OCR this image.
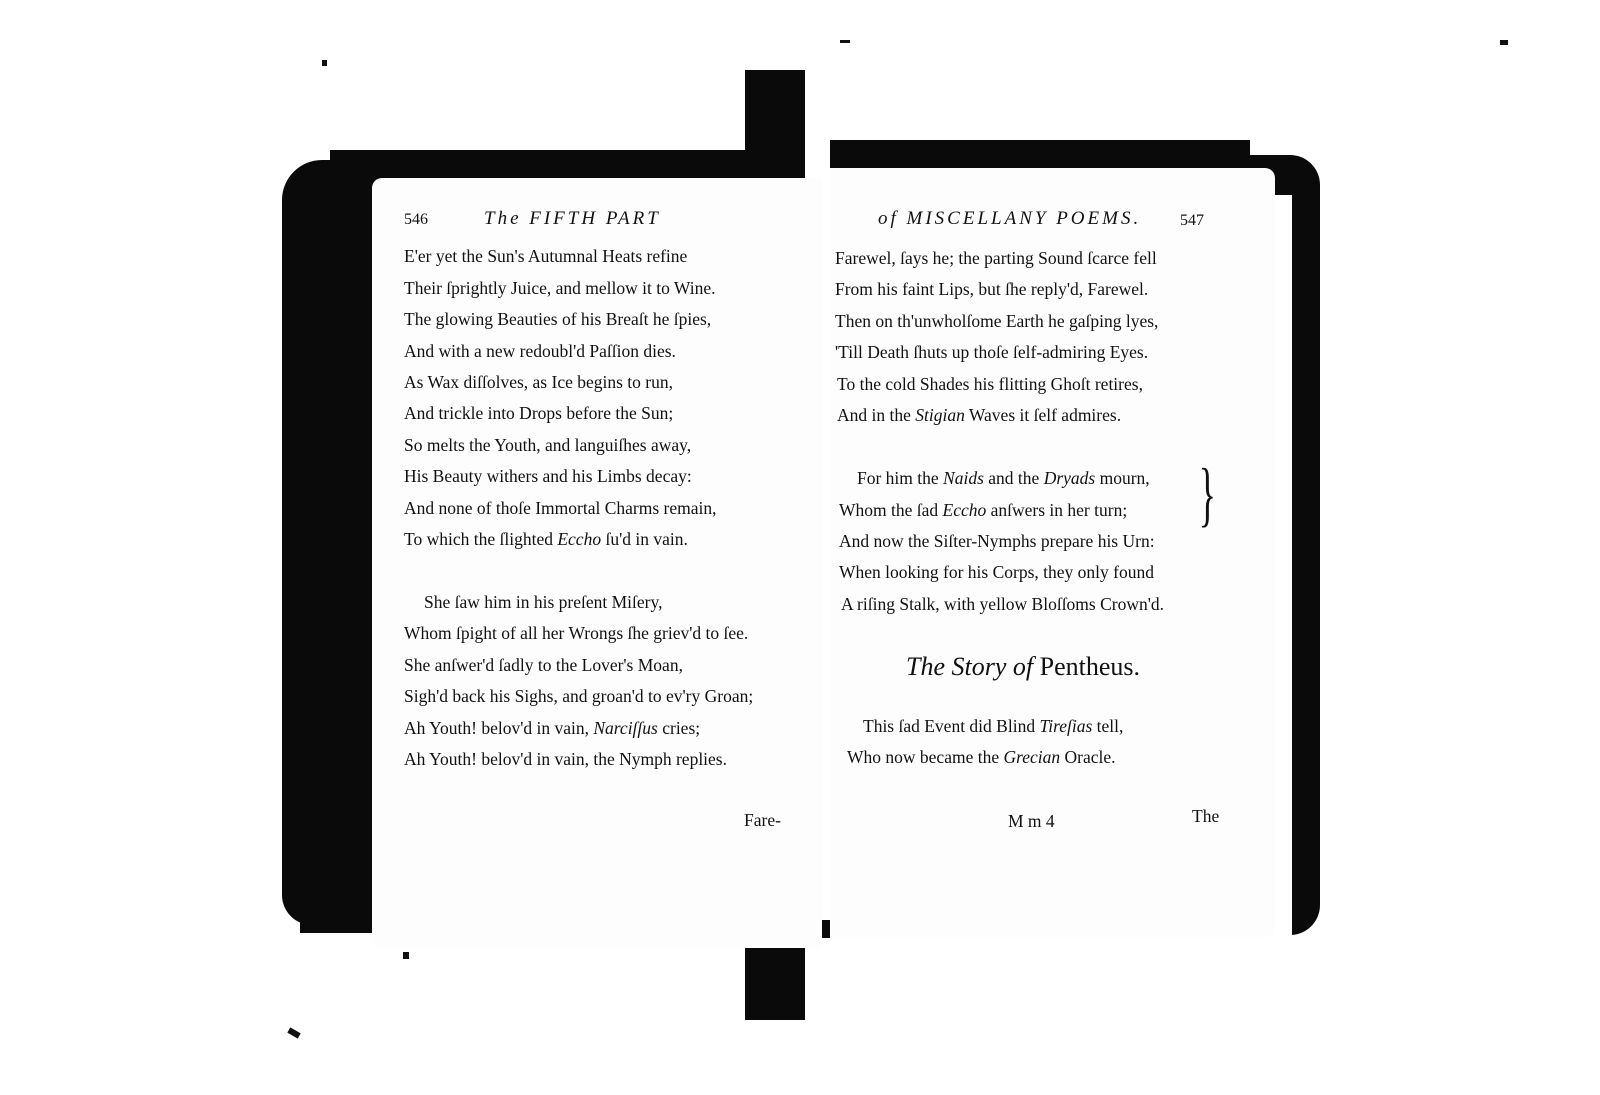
546	The FIFTH PART
E'er yet the Sun's Autumnal Heats refine
Their ſprightly Juice, and mellow it to Wine.
The glowing Beauties of his Breaſt he ſpies,
And with a new redoubl'd Paſſion dies.
As Wax diſſolves, as Ice begins to run,
And trickle into Drops before the Sun;
So melts the Youth, and languiſhes away,
His Beauty withers and his Limbs decay:
And none of thoſe Immortal Charms remain,
To which the ſlighted Eccho ſu'd in vain.
She ſaw him in his preſent Miſery,
Whom ſpight of all her Wrongs ſhe griev'd to ſee.
She anſwer'd ſadly to the Lover's Moan,
Sigh'd back his Sighs, and groan'd to ev'ry Groan;
Ah Youth! belov'd in vain, Narciſſus cries;
Ah Youth! belov'd in vain, the Nymph replies.
Fare-
of MISCELLANY POEMS. 547
Farewel, ſays he; the parting Sound ſcarce fell
From his faint Lips, but ſhe reply'd, Farewel.
Then on th'unwholſome Earth he gaſping lyes,
'Till Death ſhuts up thoſe ſelf-admiring Eyes.
To the cold Shades his flitting Ghoſt retires,
And in the Stigian Waves it ſelf admires.
For him the Naids and the Dryads mourn,
Whom the ſad Eccho anſwers in her turn; }
And now the Siſter-Nymphs prepare his Urn:
When looking for his Corps, they only found
A riſing Stalk, with yellow Bloſſoms Crown'd.
The Story of Pentheus.
This ſad Event did Blind Tireſias tell,
Who now became the Grecian Oracle.
M m 4	The
